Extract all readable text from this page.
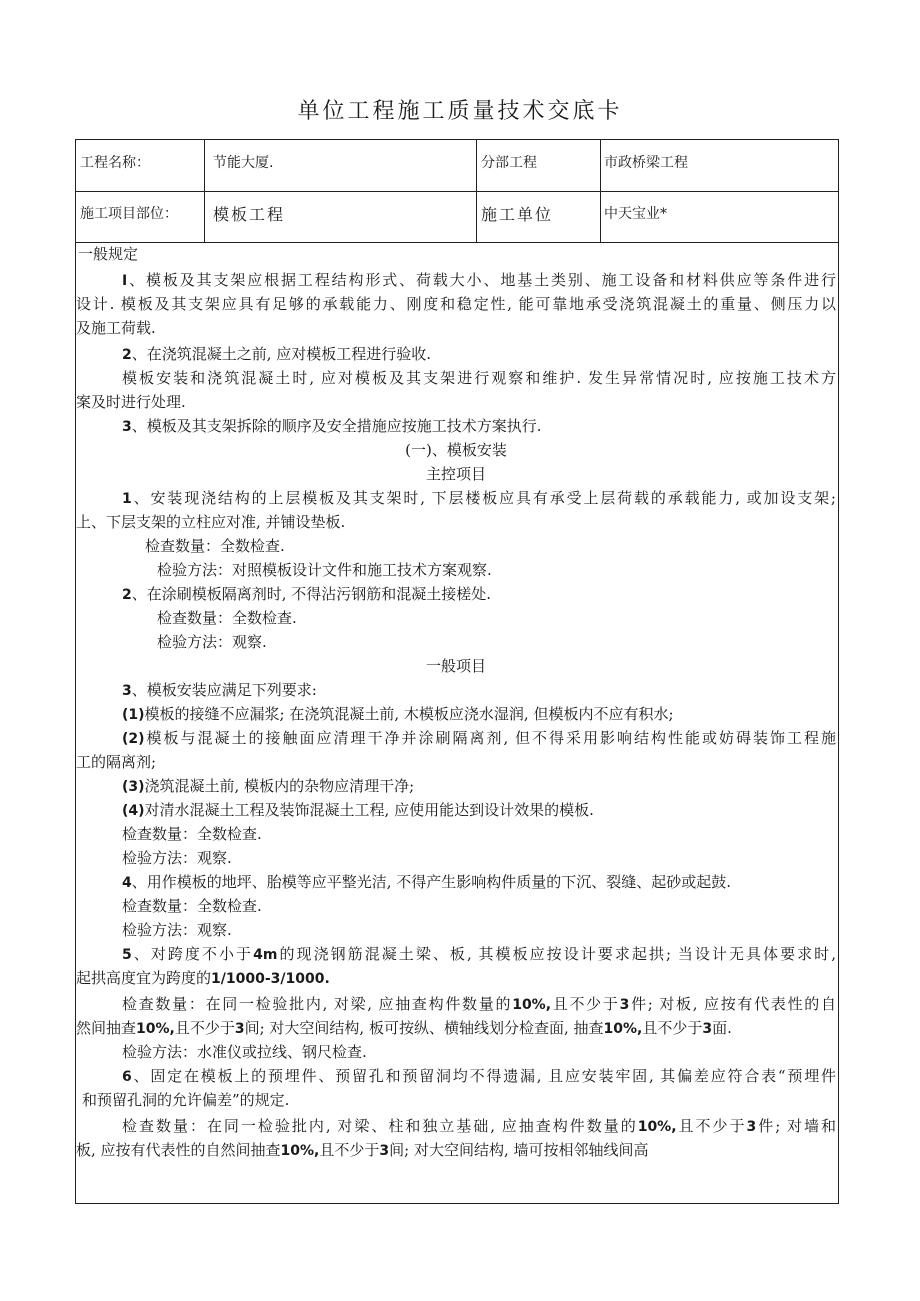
单位工程施工质量技术交底卡
工程名称：	节能大厦.	分部工程	市政桥梁工程
施工项目部位：	模板工程	施工单位	中天宝业*
一般规定
I、模板及其支架应根据工程结构形式、荷载大小、地基土类别、施工设备和材料供应等条件进行
设计. 模板及其支架应具有足够的承载能力、刚度和稳定性, 能可靠地承受浇筑混凝土的重量、侧压力以
及施工荷载.
2、在浇筑混凝土之前, 应对模板工程进行验收.
模板安装和浇筑混凝土时, 应对模板及其支架进行观察和维护. 发生异常情况时, 应按施工技术方
案及时进行处理.
3、模板及其支架拆除的顺序及安全措施应按施工技术方案执行.
(一)、模板安装
主控项目
1、安装现浇结构的上层模板及其支架时, 下层楼板应具有承受上层荷载的承载能力, 或加设支架;
上、下层支架的立柱应对准, 并铺设垫板.
检查数量：全数检查.
检验方法：对照模板设计文件和施工技术方案观察.
2、在涂刷模板隔离剂时, 不得沾污钢筋和混凝土接槎处.
检查数量：全数检查.
检验方法：观察.
一般项目
3、模板安装应满足下列要求:
(1)模板的接缝不应漏浆; 在浇筑混凝土前, 木模板应浇水湿润, 但模板内不应有积水;
(2)模板与混凝土的接触面应清理干净并涂刷隔离剂, 但不得采用影响结构性能或妨碍装饰工程施
工的隔离剂;
(3)浇筑混凝土前, 模板内的杂物应清理干净;
(4)对清水混凝土工程及装饰混凝土工程, 应使用能达到设计效果的模板.
检查数量：全数检查.
检验方法：观察.
4、用作模板的地坪、胎模等应平整光洁, 不得产生影响构件质量的下沉、裂缝、起砂或起鼓.
检查数量：全数检查.
检验方法：观察.
5、对跨度不小于4m的现浇钢筋混凝土梁、板, 其模板应按设计要求起拱; 当设计无具体要求时,
起拱高度宜为跨度的1/1000-3/1000.
检查数量：在同一检验批内, 对梁, 应抽查构件数量的10%,且不少于3件; 对板, 应按有代表性的自
然间抽查10%,且不少于3间; 对大空间结构, 板可按纵、横轴线划分检查面, 抽查10%,且不少于3面.
检验方法：水准仪或拉线、钢尺检查.
6、固定在模板上的预埋件、预留孔和预留洞均不得遗漏, 且应安装牢固, 其偏差应符合表“预埋件
和预留孔洞的允许偏差”的规定.
检查数量：在同一检验批内, 对梁、柱和独立基础, 应抽查构件数量的10%,且不少于3件; 对墙和
板, 应按有代表性的自然间抽查10%,且不少于3间; 对大空间结构, 墙可按相邻轴线间高
